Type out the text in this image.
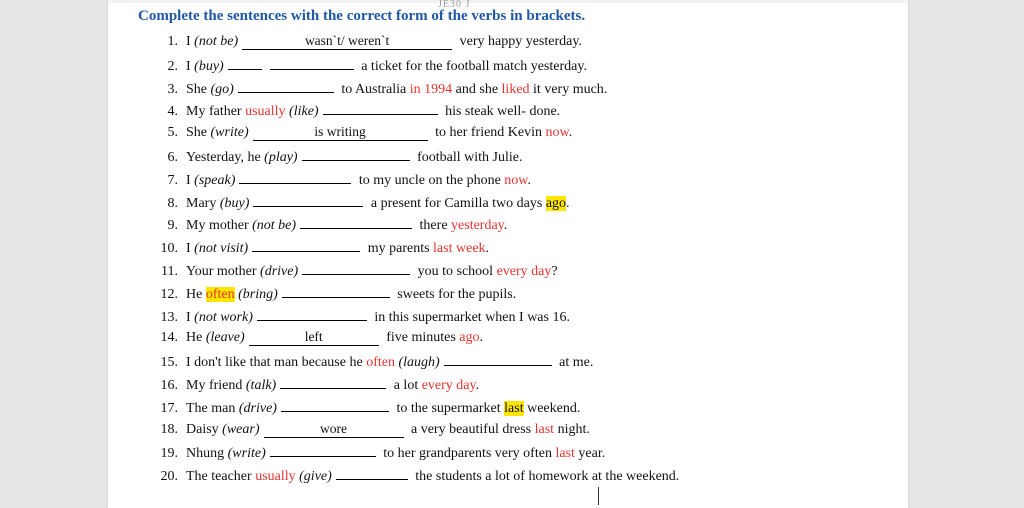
JE30 J
Complete the sentences with the correct form of the verbs in brackets.
1. I (not be)	wasn`t/ weren`t	very happy yesterday.
2. I (buy)	a ticket for the football match yesterday.
3. She (go)	to Australia in 1994 and she liked it very much.
4. My father usually (like)	his steak well- done.
5. She (write)	is writing	to her friend Kevin now.
6. Yesterday, he (play)	football with Julie.
7. I (speak)	to my uncle on the phone now.
8. Mary (buy)	a present for Camilla two days ago.
9. My mother (not be)	there yesterday.
10. I (not visit)	my parents last week.
11. Your mother (drive)	you to school every day?
12. He often (bring)	sweets for the pupils.
13. I (not work)	in this supermarket when I was 16.
14. He (leave)	left	five minutes ago.
15. I don't like that man because he often (laugh)	at me.
16. My friend (talk)	a lot every day.
17. The man (drive)	to the supermarket last weekend.
18. Daisy (wear)	wore	a very beautiful dress last night.
19. Nhung (write)	to her grandparents very often last year.
20. The teacher usually (give)	the students a lot of homework at the weekend.
